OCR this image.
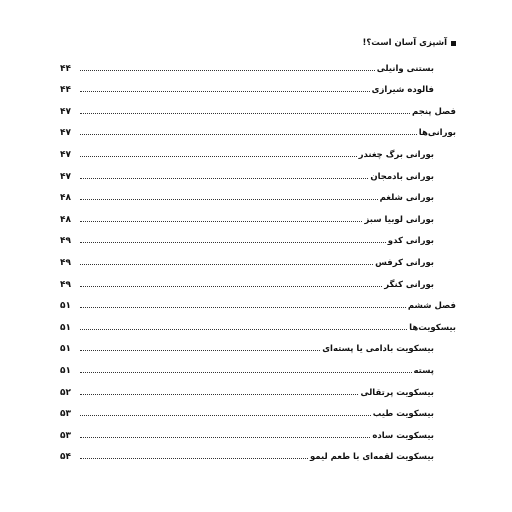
آشپزی آسان است؟!
بستنی وانیلی
۴۴
فالوده شیرازی
۴۴
فصل پنجم
۴۷
بورانی‌ها
۴۷
بورانی برگ چغندر
۴۷
بورانی بادمجان
۴۷
بورانی شلغم
۴۸
بورانی لوبیا سبز
۴۸
بورانی کدو
۴۹
بورانی کرفس
۴۹
بورانی کنگر
۴۹
فصل ششم
۵۱
بیسکویت‌ها
۵۱
بیسکویت بادامی یا پسته‌ای
۵۱
پسته
۵۱
بیسکویت پرتقالی
۵۲
بیسکویت طیب
۵۳
بیسکویت ساده
۵۳
بیسکویت لقمه‌ای با طعم لیمو
۵۴
